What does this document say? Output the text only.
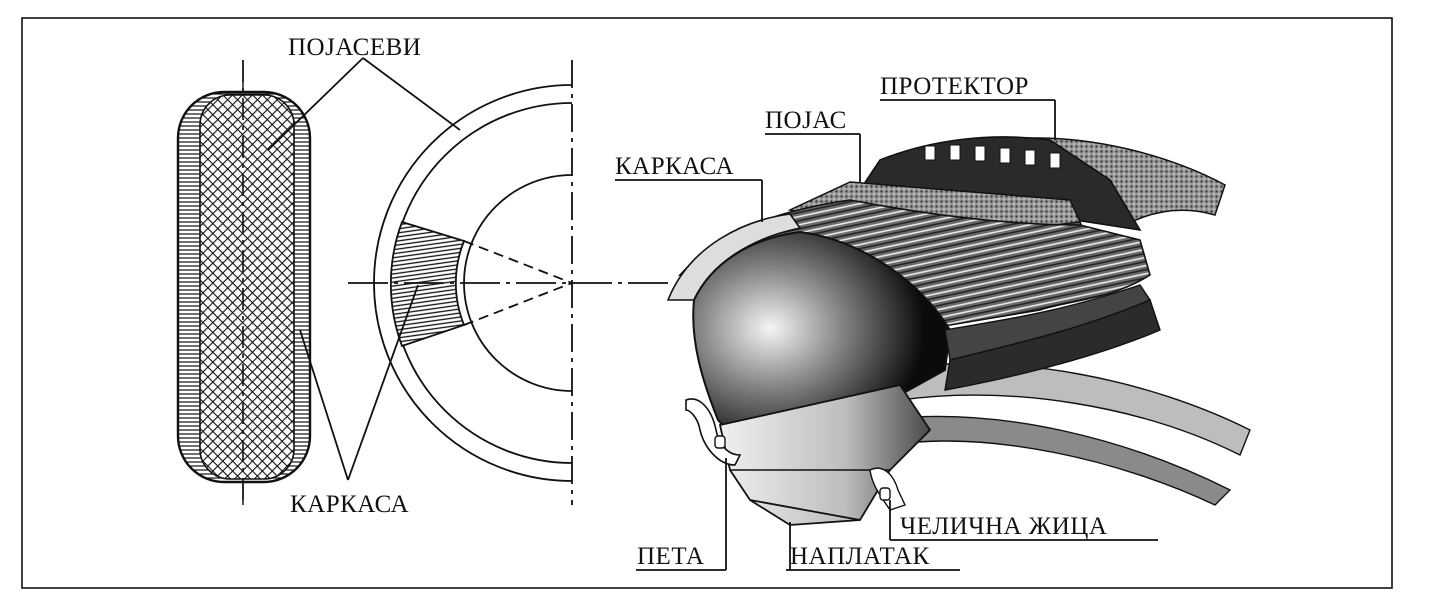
ПОЈАСЕВИ
КАРКАСА
ПРОТЕКТОР
ПОЈАС
КАРКАСА
ПЕТА	НАПЛАТАК
ЧЕЛИЧНА ЖИЦА
